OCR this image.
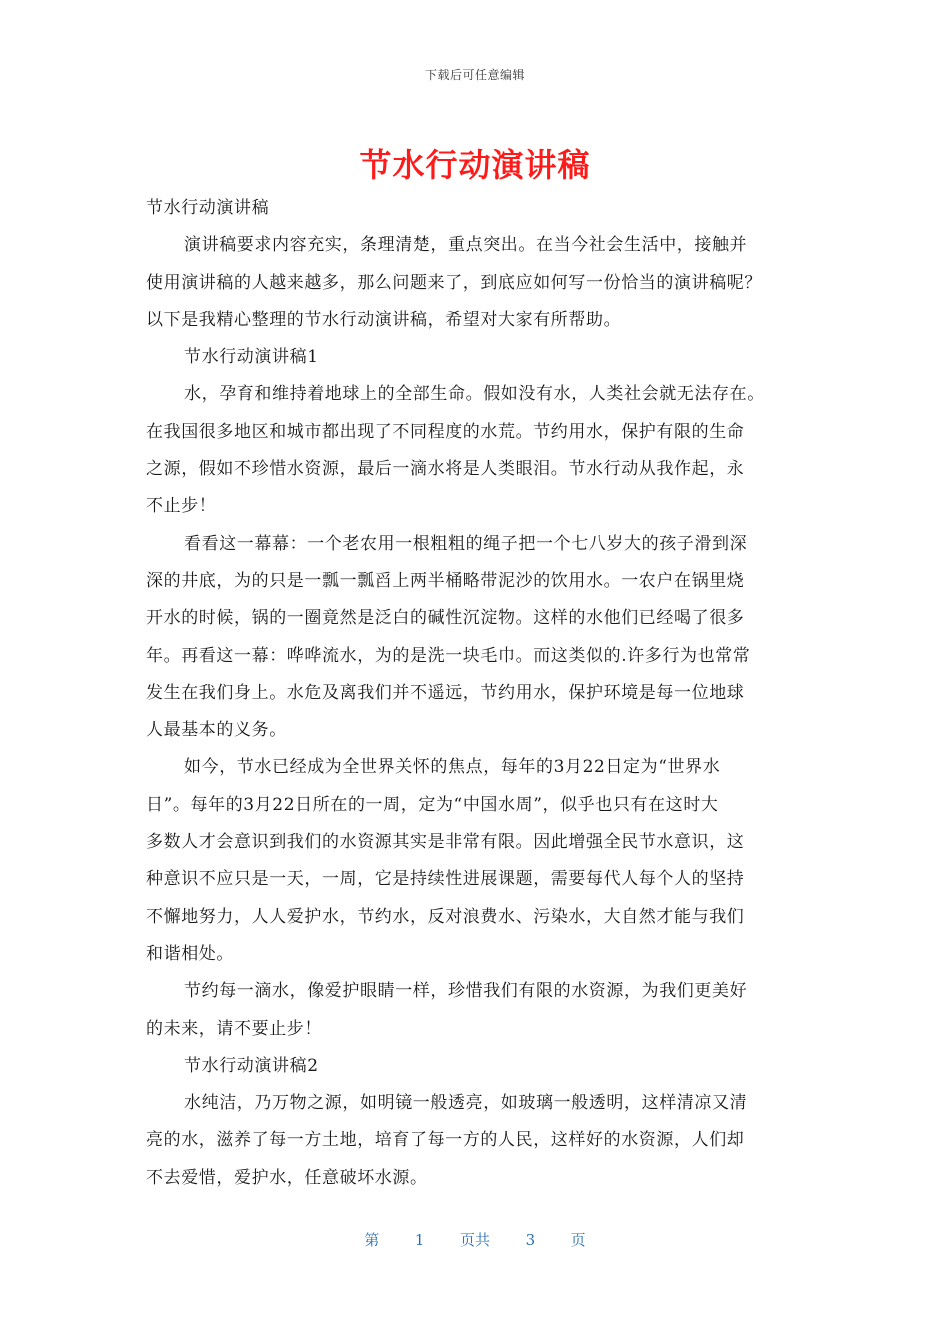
下载后可任意编辑
节水行动演讲稿
节水行动演讲稿
演讲稿要求内容充实，条理清楚，重点突出。在当今社会生活中，接触并
使用演讲稿的人越来越多，那么问题来了，到底应如何写一份恰当的演讲稿呢？
以下是我精心整理的节水行动演讲稿，希望对大家有所帮助。
节水行动演讲稿1
水，孕育和维持着地球上的全部生命。假如没有水，人类社会就无法存在。
在我国很多地区和城市都出现了不同程度的水荒。节约用水，保护有限的生命
之源，假如不珍惜水资源，最后一滴水将是人类眼泪。节水行动从我作起，永
不止步！
看看这一幕幕：一个老农用一根粗粗的绳子把一个七八岁大的孩子滑到深
深的井底，为的只是一瓢一瓢舀上两半桶略带泥沙的饮用水。一农户在锅里烧
开水的时候，锅的一圈竟然是泛白的碱性沉淀物。这样的水他们已经喝了很多
年。再看这一幕：哗哗流水，为的是洗一块毛巾。而这类似的.许多行为也常常
发生在我们身上。水危及离我们并不遥远，节约用水，保护环境是每一位地球
人最基本的义务。
如今，节水已经成为全世界关怀的焦点，每年的3月22日定为“世界水
日”。每年的3月22日所在的一周，定为“中国水周”，似乎也只有在这时大
多数人才会意识到我们的水资源其实是非常有限。因此增强全民节水意识，这
种意识不应只是一天，一周，它是持续性进展课题，需要每代人每个人的坚持
不懈地努力，人人爱护水，节约水，反对浪费水、污染水，大自然才能与我们
和谐相处。
节约每一滴水，像爱护眼睛一样，珍惜我们有限的水资源，为我们更美好
的未来，请不要止步！
节水行动演讲稿2
水纯洁，乃万物之源，如明镜一般透亮，如玻璃一般透明，这样清凉又清
亮的水，滋养了每一方土地，培育了每一方的人民，这样好的水资源，人们却
不去爱惜，爱护水，任意破坏水源。
第 1 页共 3 页
